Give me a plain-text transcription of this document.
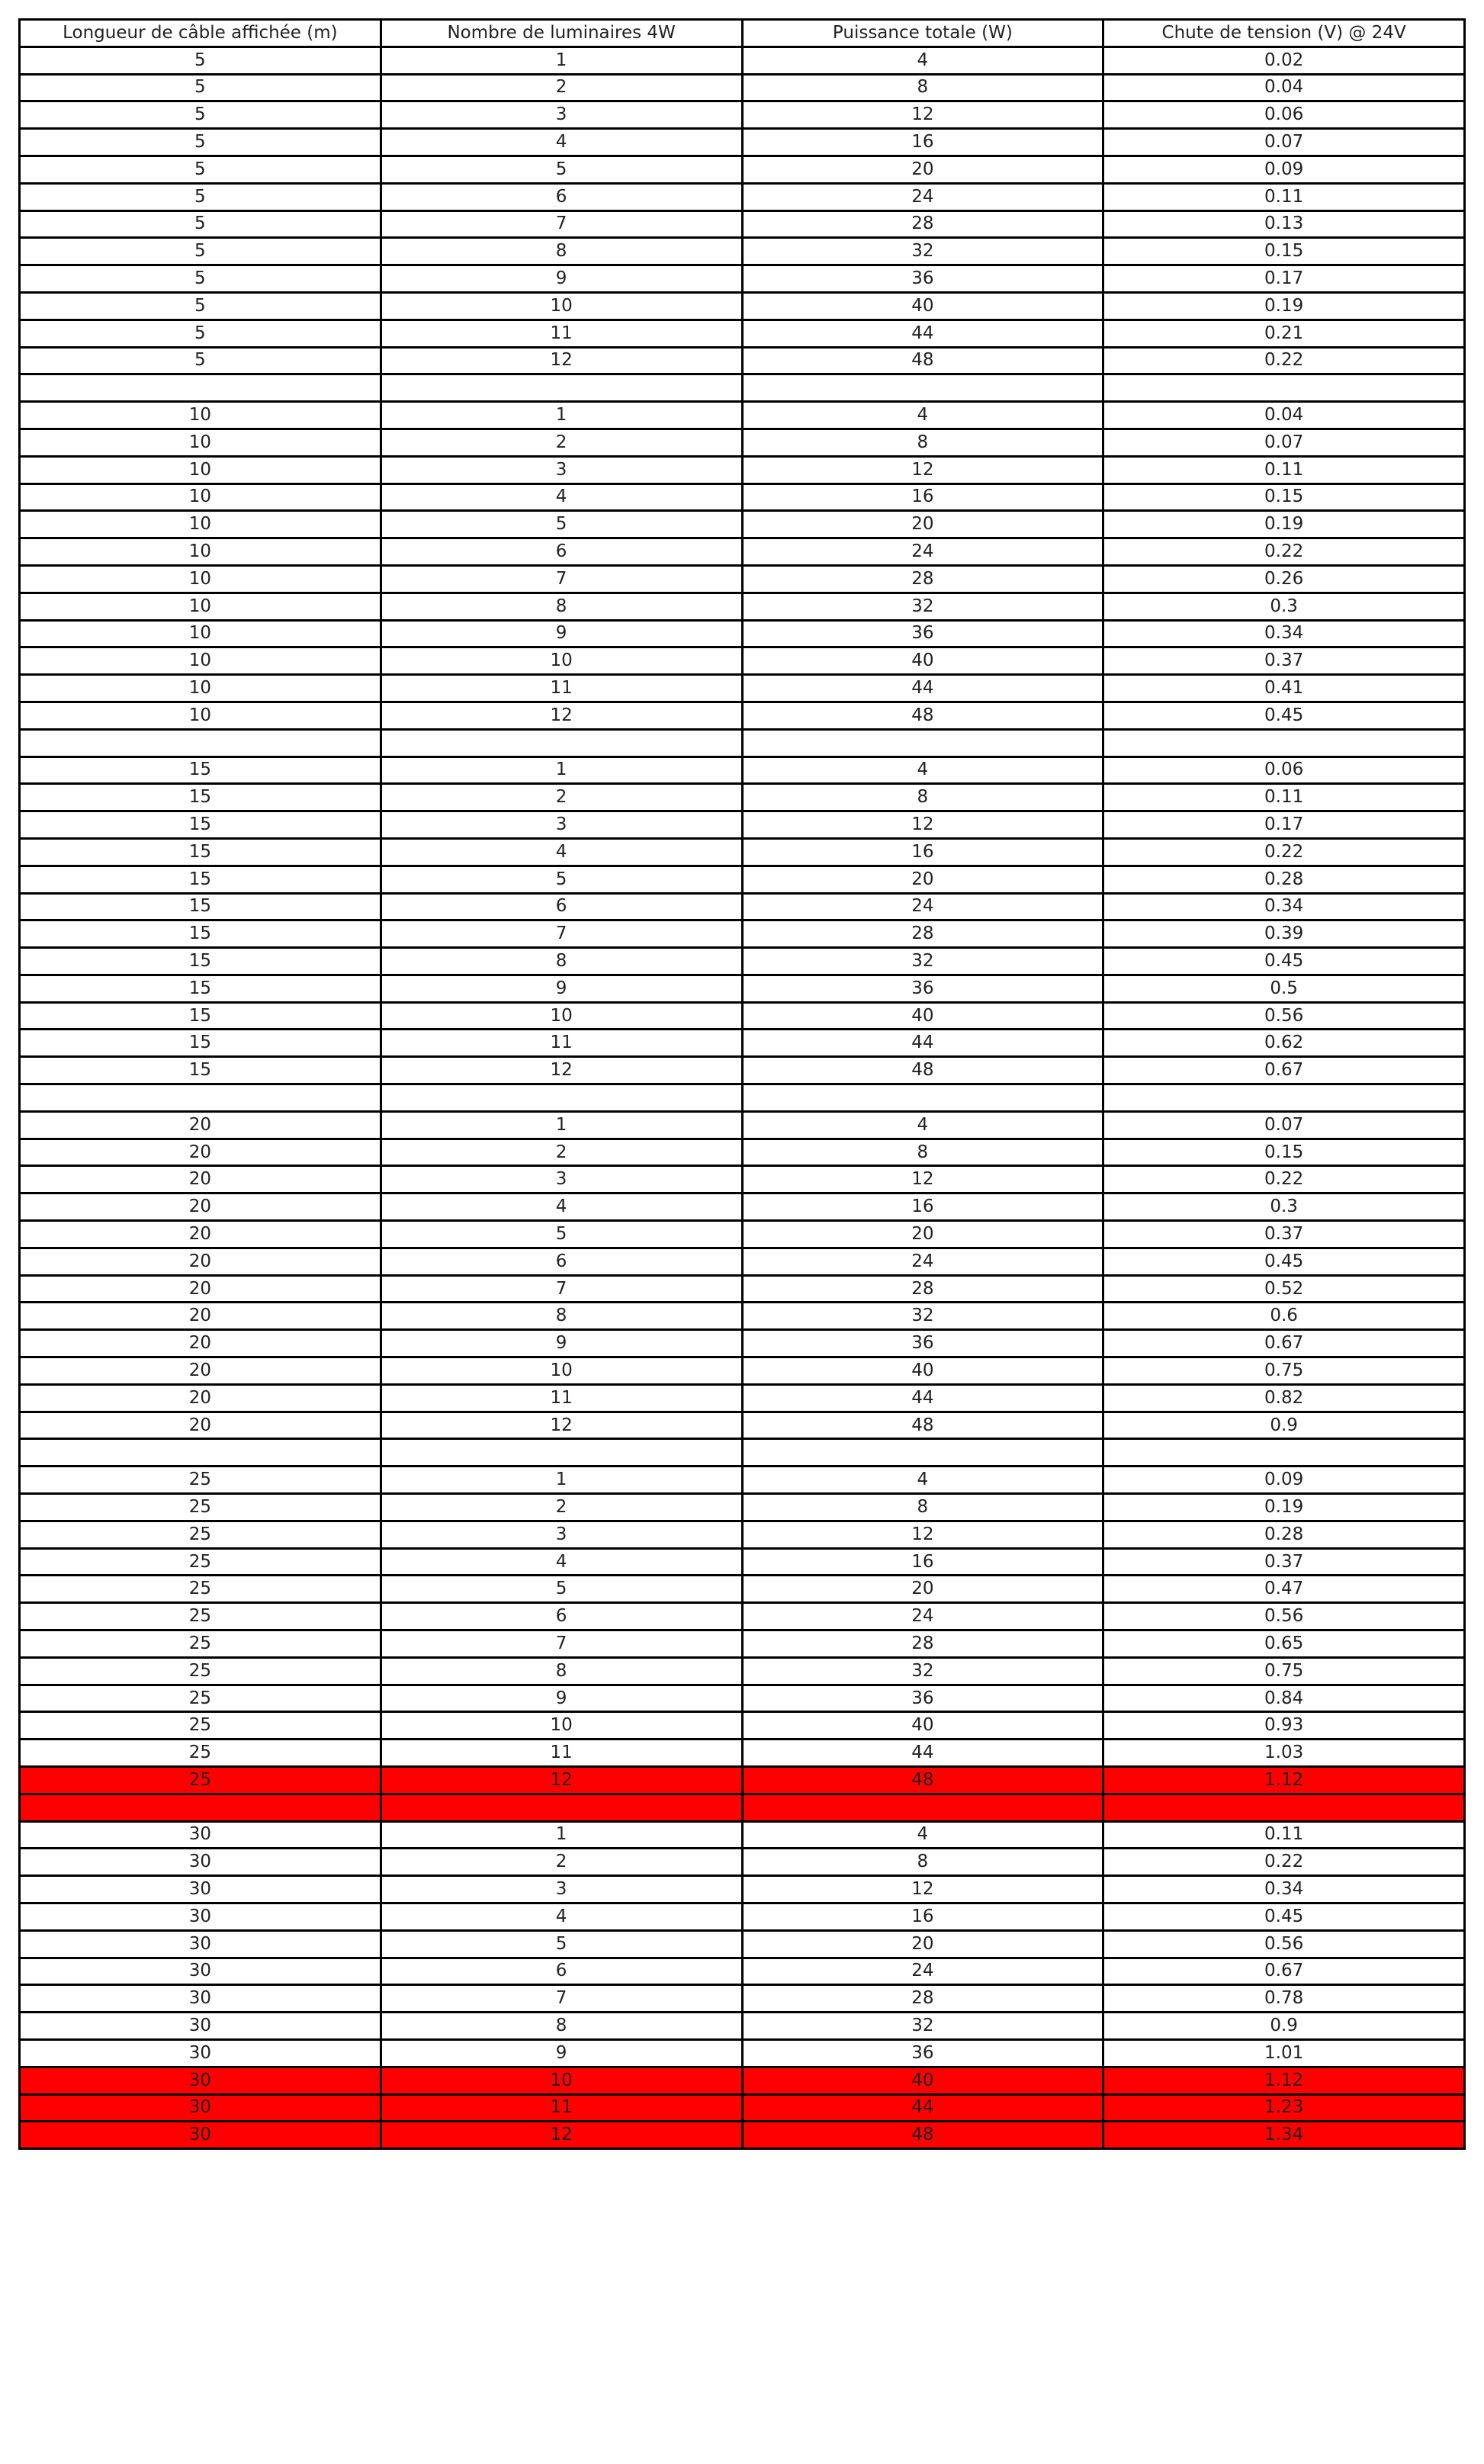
Longueur de câble affichée (m)	Nombre de luminaires 4W	Puissance totale (W)	Chute de tension (V) @ 24V
5	1	4	0.02
5	2	8	0.04
5	3	12	0.06
5	4	16	0.07
5	5	20	0.09
5	6	24	0.11
5	7	28	0.13
5	8	32	0.15
5	9	36	0.17
5	10	40	0.19
5	11	44	0.21
5	12	48	0.22

10	1	4	0.04
10	2	8	0.07
10	3	12	0.11
10	4	16	0.15
10	5	20	0.19
10	6	24	0.22
10	7	28	0.26
10	8	32	0.3
10	9	36	0.34
10	10	40	0.37
10	11	44	0.41
10	12	48	0.45

15	1	4	0.06
15	2	8	0.11
15	3	12	0.17
15	4	16	0.22
15	5	20	0.28
15	6	24	0.34
15	7	28	0.39
15	8	32	0.45
15	9	36	0.5
15	10	40	0.56
15	11	44	0.62
15	12	48	0.67

20	1	4	0.07
20	2	8	0.15
20	3	12	0.22
20	4	16	0.3
20	5	20	0.37
20	6	24	0.45
20	7	28	0.52
20	8	32	0.6
20	9	36	0.67
20	10	40	0.75
20	11	44	0.82
20	12	48	0.9

25	1	4	0.09
25	2	8	0.19
25	3	12	0.28
25	4	16	0.37
25	5	20	0.47
25	6	24	0.56
25	7	28	0.65
25	8	32	0.75
25	9	36	0.84
25	10	40	0.93
25	11	44	1.03
25	12	48	1.12

30	1	4	0.11
30	2	8	0.22
30	3	12	0.34
30	4	16	0.45
30	5	20	0.56
30	6	24	0.67
30	7	28	0.78
30	8	32	0.9
30	9	36	1.01
30	10	40	1.12
30	11	44	1.23
30	12	48	1.34
